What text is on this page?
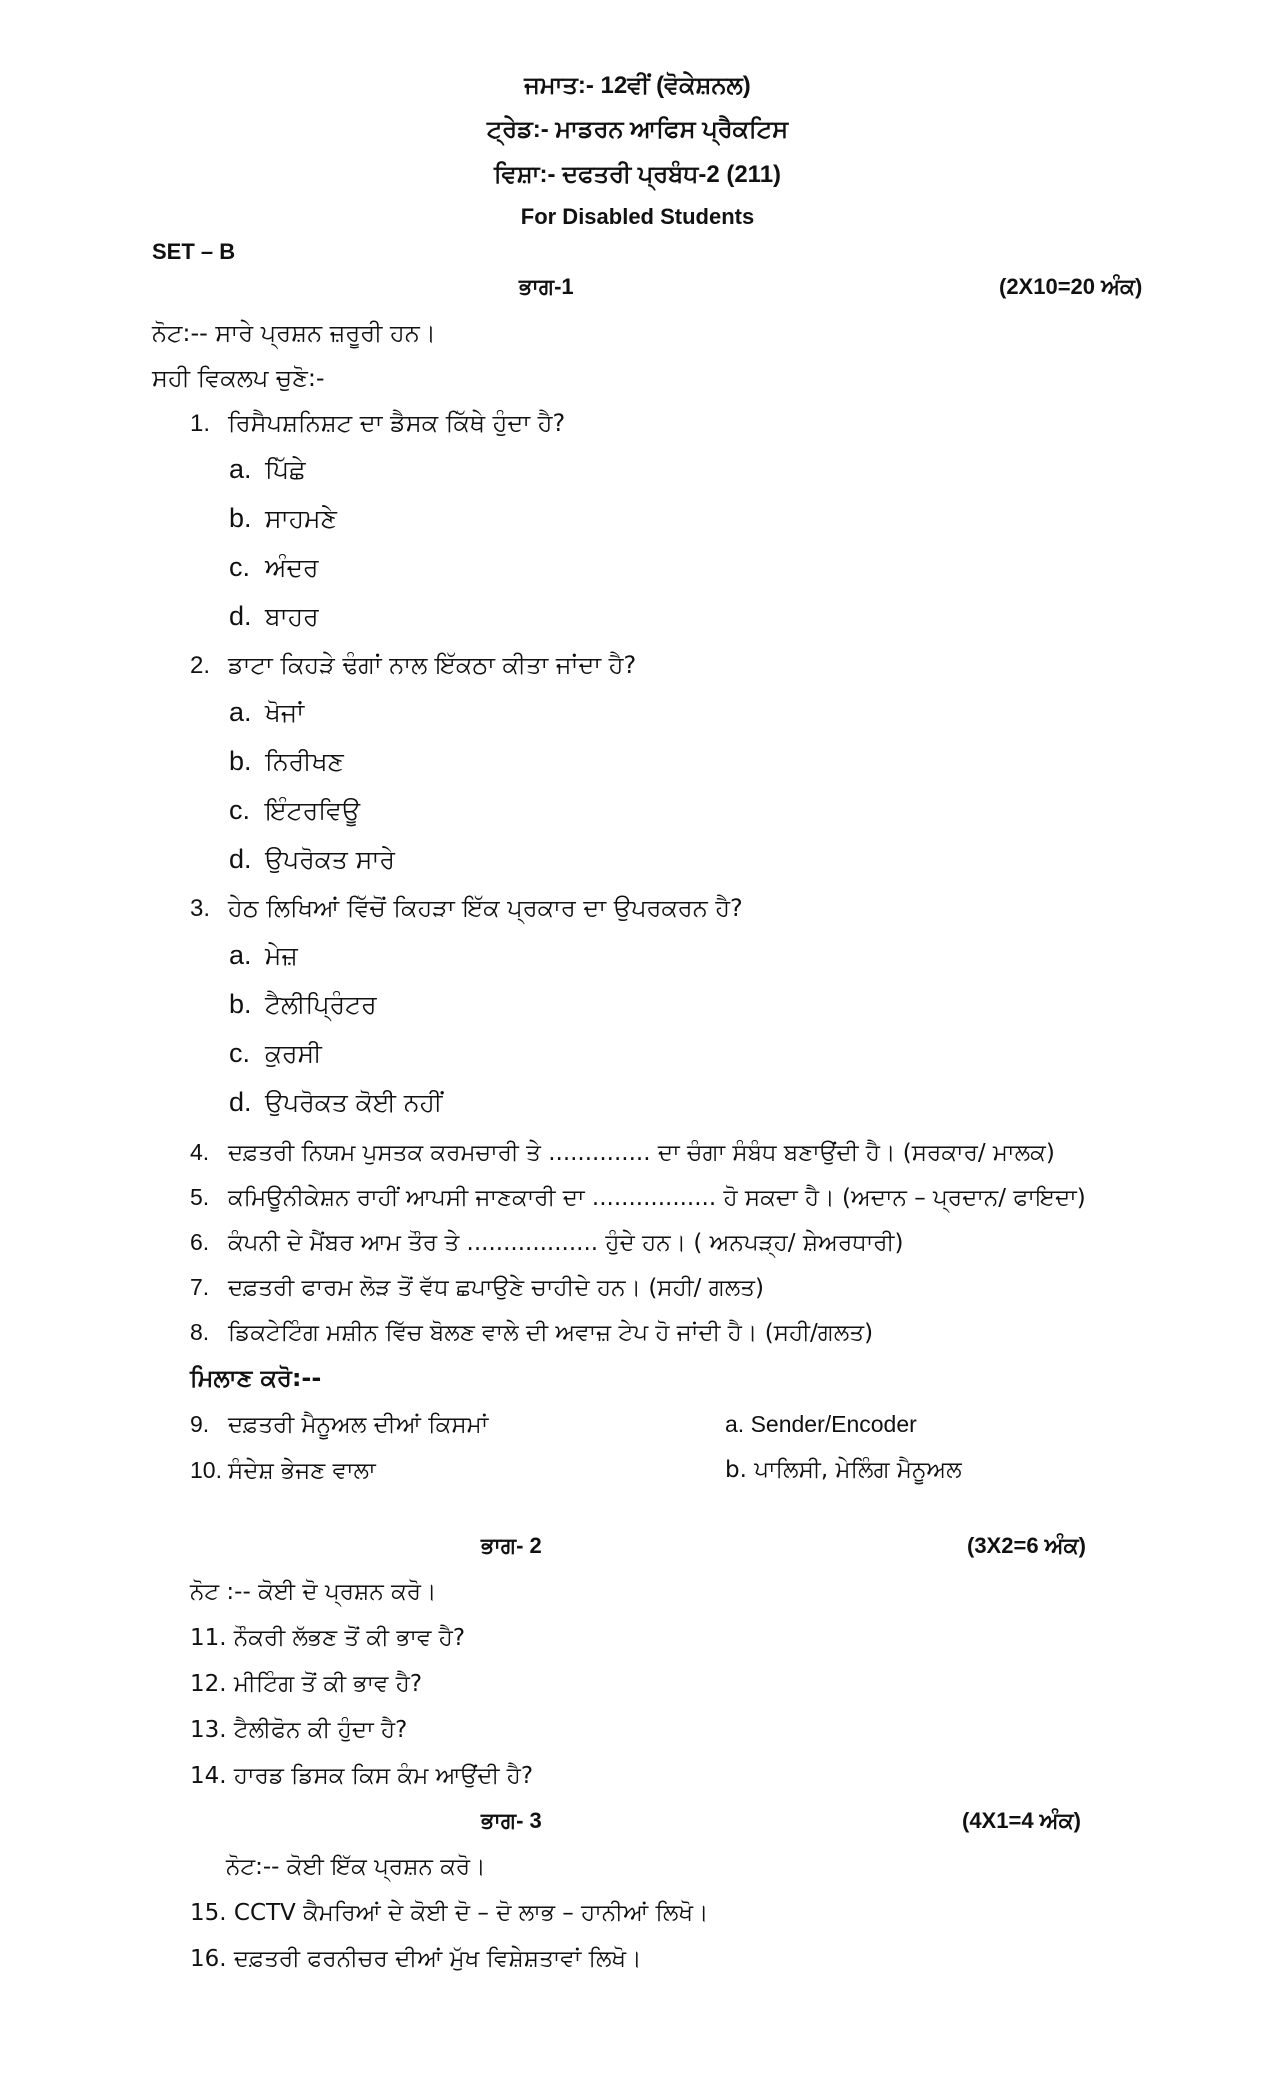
ਜਮਾਤ:- 12ਵੀਂ (ਵੋਕੇਸ਼ਨਲ)
ਟ੍ਰੇਡ:- ਮਾਡਰਨ ਆਫਿਸ ਪ੍ਰੈਕਟਿਸ
ਵਿਸ਼ਾ:- ਦਫਤਰੀ ਪ੍ਰਬੰਧ-2 (211)
For Disabled Students
SET – B
ਭਾਗ-1	(2X10=20 ਅੰਕ)
ਨੋਟ:-- ਸਾਰੇ ਪ੍ਰਸ਼ਨ ਜ਼ਰੂਰੀ ਹਨ।
ਸਹੀ ਵਿਕਲਪ ਚੁਣੋ:-
1. ਰਿਸੈਪਸ਼ਨਿਸ਼ਟ ਦਾ ਡੈਸਕ ਕਿੱਥੇ ਹੁੰਦਾ ਹੈ?
a. ਪਿੱਛੇ
b. ਸਾਹਮਣੇ
c. ਅੰਦਰ
d. ਬਾਹਰ
2. ਡਾਟਾ ਕਿਹੜੇ ਢੰਗਾਂ ਨਾਲ ਇੱਕਠਾ ਕੀਤਾ ਜਾਂਦਾ ਹੈ?
a. ਖੋਜਾਂ
b. ਨਿਰੀਖਣ
c. ਇੰਟਰਵਿਊ
d. ਉਪਰੋਕਤ ਸਾਰੇ
3. ਹੇਠ ਲਿਖਿਆਂ ਵਿੱਚੋਂ ਕਿਹੜਾ ਇੱਕ ਪ੍ਰਕਾਰ ਦਾ ਉਪਰਕਰਨ ਹੈ?
a. ਮੇਜ਼
b. ਟੈਲੀਪ੍ਰਿੰਟਰ
c. ਕੁਰਸੀ
d. ਉਪਰੋਕਤ ਕੋਈ ਨਹੀਂ
4. ਦਫ਼ਤਰੀ ਨਿਯਮ ਪੁਸਤਕ ਕਰਮਚਾਰੀ ਤੇ .............. ਦਾ ਚੰਗਾ ਸੰਬੰਧ ਬਣਾਉਂਦੀ ਹੈ। (ਸਰਕਾਰ/ ਮਾਲਕ)
5. ਕਮਿਊਨੀਕੇਸ਼ਨ ਰਾਹੀਂ ਆਪਸੀ ਜਾਣਕਾਰੀ ਦਾ ................. ਹੋ ਸਕਦਾ ਹੈ। (ਅਦਾਨ – ਪ੍ਰਦਾਨ/ ਫਾਇਦਾ)
6. ਕੰਪਨੀ ਦੇ ਮੈਂਬਰ ਆਮ ਤੌਰ ਤੇ .................. ਹੁੰਦੇ ਹਨ। ( ਅਨਪੜ੍ਹ/ ਸ਼ੇਅਰਧਾਰੀ)
7. ਦਫ਼ਤਰੀ ਫਾਰਮ ਲੋੜ ਤੋਂ ਵੱਧ ਛਪਾਉਣੇ ਚਾਹੀਦੇ ਹਨ। (ਸਹੀ/ ਗਲਤ)
8. ਡਿਕਟੇਟਿੰਗ ਮਸ਼ੀਨ ਵਿੱਚ ਬੋਲਣ ਵਾਲੇ ਦੀ ਅਵਾਜ਼ ਟੇਪ ਹੋ ਜਾਂਦੀ ਹੈ। (ਸਹੀ/ਗਲਤ)
ਮਿਲਾਣ ਕਰੋ:--
9. ਦਫ਼ਤਰੀ ਮੈਨੂਅਲ ਦੀਆਂ ਕਿਸਮਾਂ	a. Sender/Encoder
10. ਸੰਦੇਸ਼ ਭੇਜਣ ਵਾਲਾ	b. ਪਾਲਿਸੀ, ਮੇਲਿੰਗ ਮੈਨੂਅਲ
ਭਾਗ- 2	(3X2=6 ਅੰਕ)
ਨੋਟ :-- ਕੋਈ ਦੋ ਪ੍ਰਸ਼ਨ ਕਰੋ।
11. ਨੌਕਰੀ ਲੱਭਣ ਤੋਂ ਕੀ ਭਾਵ ਹੈ?
12. ਮੀਟਿੰਗ ਤੋਂ ਕੀ ਭਾਵ ਹੈ?
13. ਟੈਲੀਫੋਨ ਕੀ ਹੁੰਦਾ ਹੈ?
14. ਹਾਰਡ ਡਿਸਕ ਕਿਸ ਕੰਮ ਆਉਂਦੀ ਹੈ?
ਭਾਗ- 3	(4X1=4 ਅੰਕ)
ਨੋਟ:-- ਕੋਈ ਇੱਕ ਪ੍ਰਸ਼ਨ ਕਰੋ।
15. CCTV ਕੈਮਰਿਆਂ ਦੇ ਕੋਈ ਦੋ – ਦੋ ਲਾਭ – ਹਾਨੀਆਂ ਲਿਖੋ।
16. ਦਫ਼ਤਰੀ ਫਰਨੀਚਰ ਦੀਆਂ ਮੁੱਖ ਵਿਸ਼ੇਸ਼ਤਾਵਾਂ ਲਿਖੋ।
